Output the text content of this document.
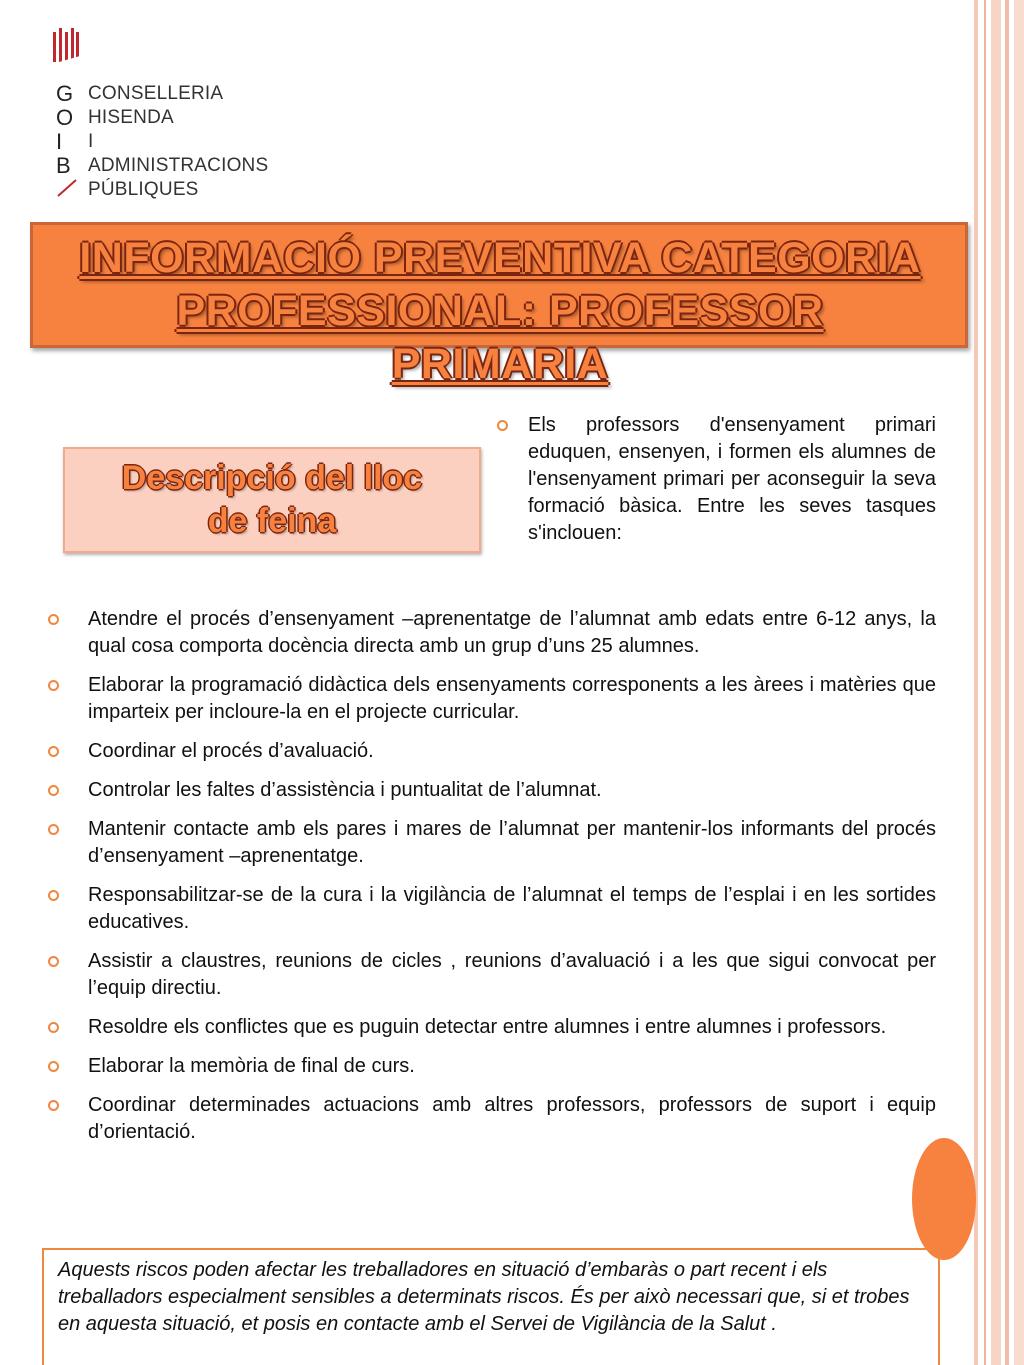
G
O
I
B
CONSELLERIA
HISENDA
I ADMINISTRACIONS
PÚBLIQUES
INFORMACIÓ PREVENTIVA CATEGORIA
PROFESSIONAL: PROFESSOR
PRIMARIA
Descripció del lloc
de feina
Els professors d'ensenyament primari eduquen, ensenyen, i formen els alumnes de l'ensenyament primari per aconseguir la seva formació bàsica. Entre les seves tasques s'inclouen:
Atendre el procés d’ensenyament –aprenentatge de l’alumnat amb edats entre 6-12 anys, la qual cosa comporta docència directa amb un grup d’uns 25 alumnes.
Elaborar la programació didàctica dels ensenyaments corresponents a les àrees i matèries que imparteix per incloure-la en el projecte curricular.
Coordinar el procés d’avaluació.
Controlar les faltes d’assistència i puntualitat de l’alumnat.
Mantenir contacte amb els pares i mares de l’alumnat per mantenir-los informants del procés d’ensenyament –aprenentatge.
Responsabilitzar-se de la cura i la vigilància de l’alumnat el temps de l’esplai i en les sortides educatives.
Assistir a claustres, reunions de cicles , reunions d’avaluació i a les que sigui convocat per l’equip directiu.
Resoldre els conflictes que es puguin detectar entre alumnes i entre alumnes i professors.
Elaborar la memòria de final de curs.
Coordinar determinades actuacions amb altres professors, professors de suport i equip d’orientació.
Aquests riscos poden afectar les treballadores en situació d’embaràs o part recent i els treballadors especialment sensibles a determinats riscos. És per això necessari que, si et trobes en aquesta situació, et posis en contacte amb el Servei de Vigilància de la Salut .
